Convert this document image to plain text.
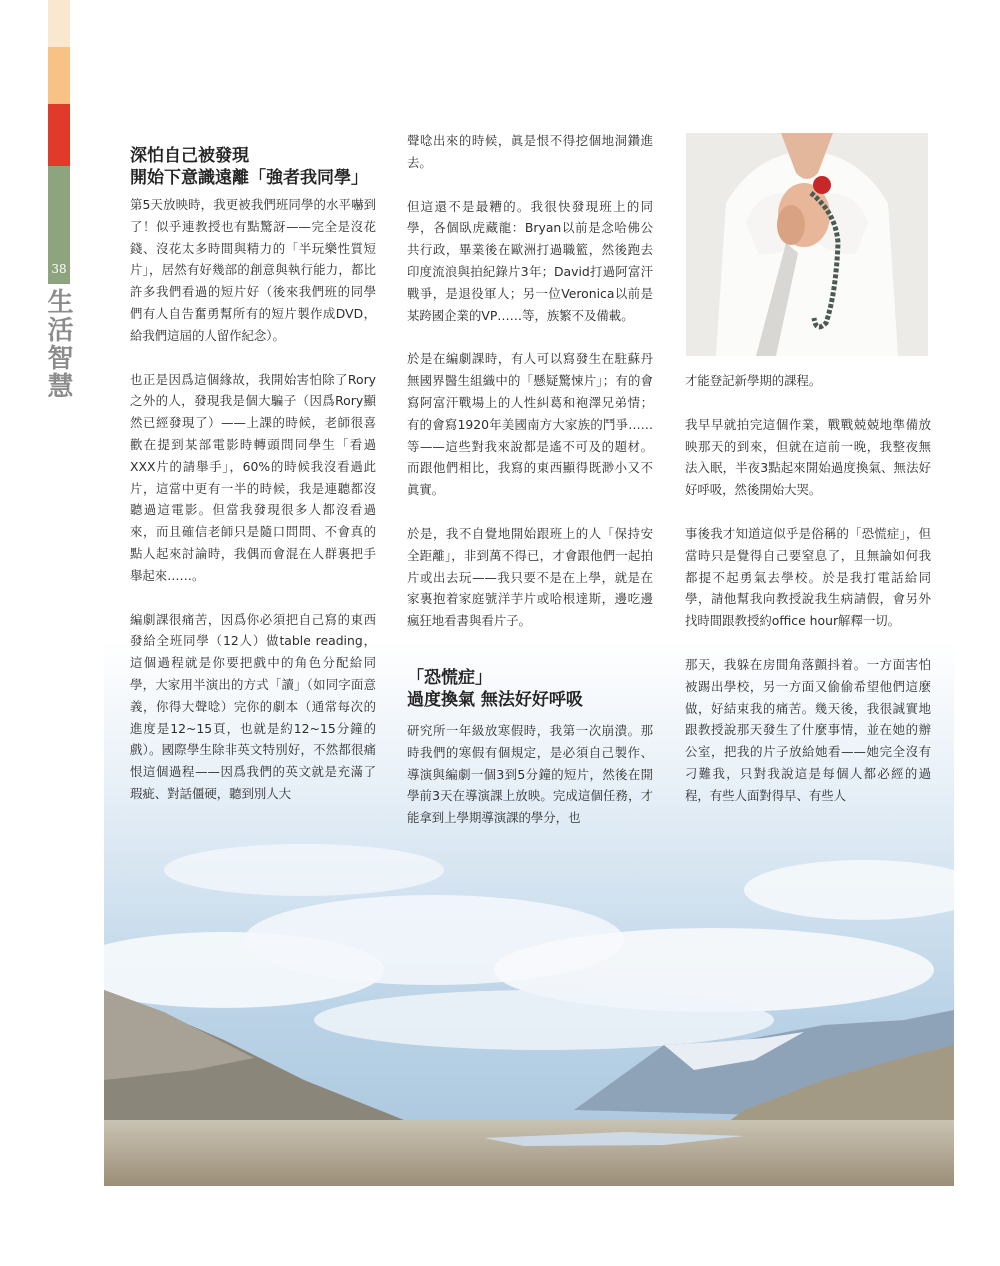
38
生活智慧
深怕自己被發現
開始下意識遠離「強者我同學」

第5天放映時，我更被我們班同學的水平嚇到了！似乎連教授也有點驚訝——完全是沒花錢、沒花太多時間與精力的「半玩樂性質短片」，居然有好幾部的創意與執行能力，都比許多我們看過的短片好（後來我們班的同學們有人自告奮勇幫所有的短片製作成DVD，給我們這屆的人留作紀念）。

也正是因爲這個緣故，我開始害怕除了Rory之外的人，發現我是個大騙子（因爲Rory顯然已經發現了）——上課的時候，老師很喜歡在提到某部電影時轉頭問同學生「看過XXX片的請舉手」，60%的時候我沒看過此片，這當中更有一半的時候，我是連聽都沒聽過這電影。但當我發現很多人都沒看過來，而且確信老師只是隨口問問、不會真的點人起來討論時，我偶而會混在人群裏把手舉起來……。

編劇課很痛苦，因爲你必須把自己寫的東西發給全班同學（12人）做table reading，這個過程就是你要把戲中的角色分配給同學，大家用半演出的方式「讀」（如同字面意義，你得大聲唸）完你的劇本（通常每次的進度是12~15頁，也就是約12~15分鐘的戲）。國際學生除非英文特別好，不然都很痛恨這個過程——因爲我們的英文就是充滿了瑕疵、對話僵硬，聽到別人大

聲唸出來的時候，眞是恨不得挖個地洞鑽進去。

但這還不是最糟的。我很快發現班上的同學，各個臥虎藏龍：Bryan以前是念哈佛公共行政，畢業後在歐洲打過職籃，然後跑去印度流浪與拍紀錄片3年；David打過阿富汗戰爭，是退役軍人；另一位Veronica以前是某跨國企業的VP……等，族繁不及備載。

於是在編劇課時，有人可以寫發生在駐蘇丹無國界醫生組織中的「懸疑驚悚片」；有的會寫阿富汗戰場上的人性糾葛和袍澤兄弟情；有的會寫1920年美國南方大家族的鬥爭……等——這些對我來說都是遙不可及的題材。而跟他們相比，我寫的東西顯得既渺小又不眞實。

於是，我不自覺地開始跟班上的人「保持安全距離」，非到萬不得已，才會跟他們一起拍片或出去玩——我只要不是在上學，就是在家裏抱着家庭號洋芋片或哈根達斯，邊吃邊瘋狂地看書與看片子。

「恐慌症」
過度換氣 無法好好呼吸

研究所一年級放寒假時，我第一次崩潰。那時我們的寒假有個規定，是必須自己製作、導演與編劇一個3到5分鐘的短片，然後在開學前3天在導演課上放映。完成這個任務，才能拿到上學期導演課的學分，也

才能登記新學期的課程。

我早早就拍完這個作業，戰戰兢兢地準備放映那天的到來，但就在這前一晚，我整夜無法入眠，半夜3點起來開始過度換氣、無法好好呼吸，然後開始大哭。

事後我才知道這似乎是俗稱的「恐慌症」，但當時只是覺得自己要窒息了，且無論如何我都提不起勇氣去學校。於是我打電話給同學，請他幫我向教授說我生病請假，會另外找時間跟教授約office hour解釋一切。

那天，我躲在房間角落顫抖着。一方面害怕被踢出學校，另一方面又偷偷希望他們這麼做，好結束我的痛苦。幾天後，我很誠實地跟教授說那天發生了什麼事情，並在她的辦公室，把我的片子放給她看——她完全沒有刁難我，只對我說這是每個人都必經的過程，有些人面對得早、有些人
